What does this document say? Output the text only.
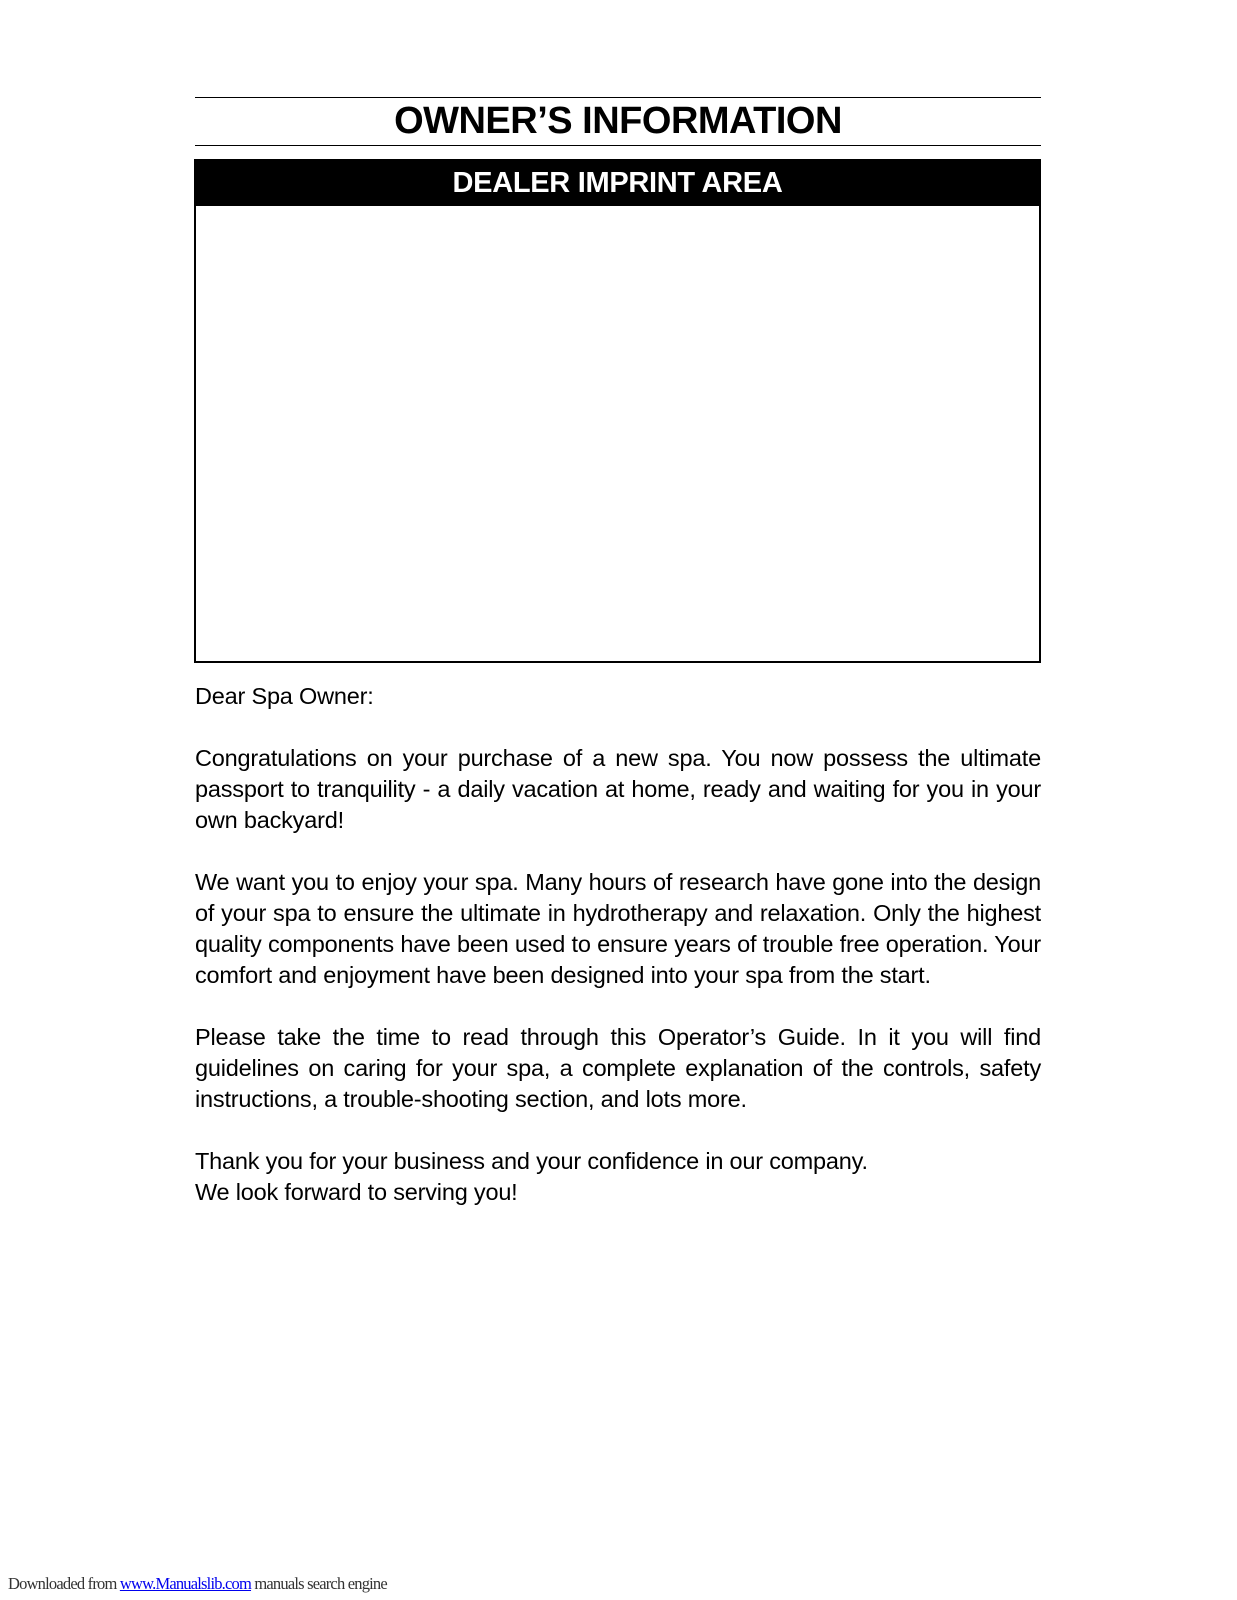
OWNER’S INFORMATION
DEALER IMPRINT AREA

Dear Spa Owner:

Congratulations on your purchase of a new spa. You now possess the ultimate passport to tranquility - a daily vacation at home, ready and waiting for you in your own backyard!

We want you to enjoy your spa. Many hours of research have gone into the design of your spa to ensure the ultimate in hydrotherapy and relaxation. Only the highest quality components have been used to ensure years of trouble free operation. Your comfort and enjoyment have been designed into your spa from the start.

Please take the time to read through this Operator’s Guide. In it you will find guidelines on caring for your spa, a complete explanation of the controls, safety instructions, a trouble-shooting section, and lots more.

Thank you for your business and your confidence in our company.
We look forward to serving you!

Downloaded from www.Manualslib.com manuals search engine
